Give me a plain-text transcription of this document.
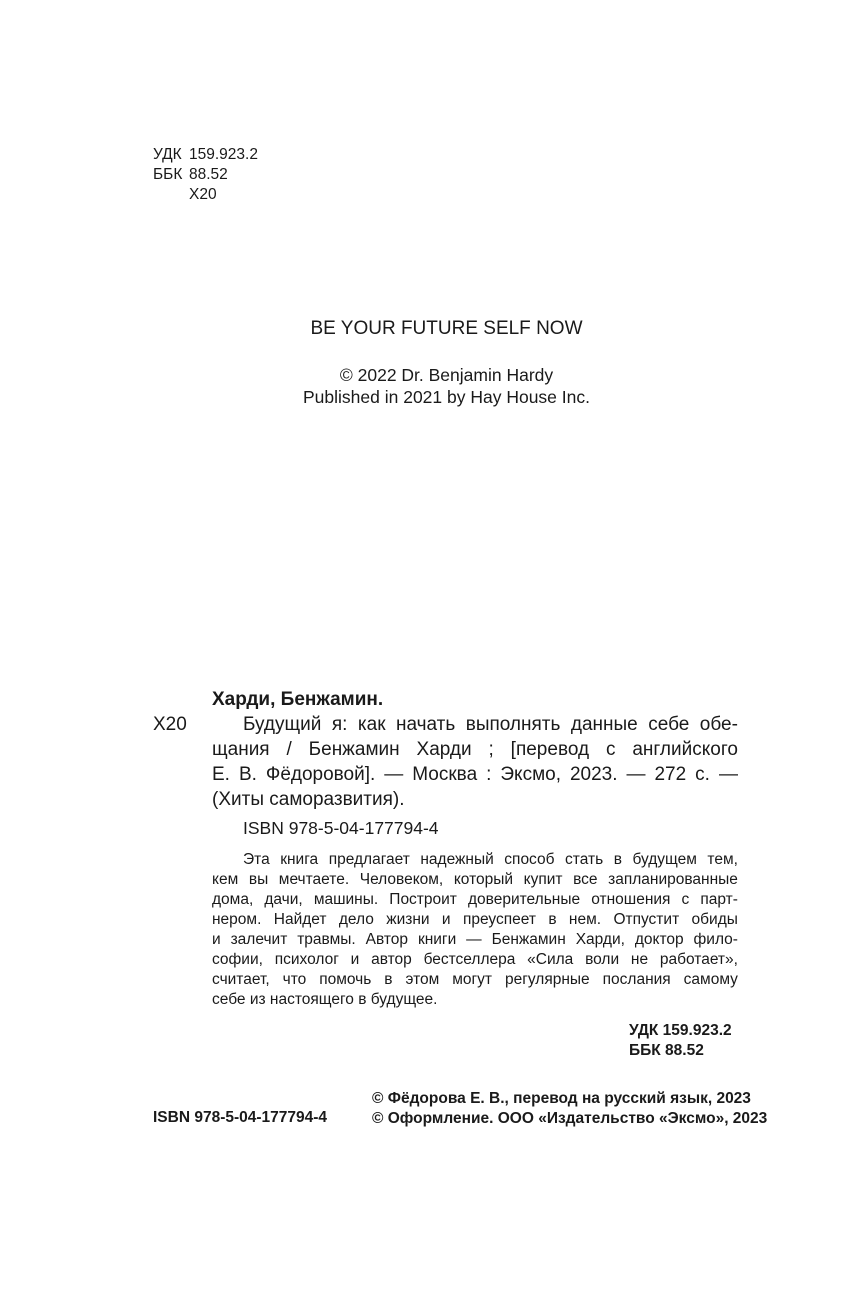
УДК 159.923.2
ББК 88.52
Х20
BE YOUR FUTURE SELF NOW
© 2022 Dr. Benjamin Hardy
Published in 2021 by Hay House Inc.
Харди, Бенжамин.
Х20	Будущий я: как начать выполнять данные себе обе-
щания / Бенжамин Харди ; [перевод с английского
Е. В. Фёдоровой]. — Москва : Эксмо, 2023. — 272 с. —
(Хиты саморазвития).
ISBN 978-5-04-177794-4
Эта книга предлагает надежный способ стать в будущем тем,
кем вы мечтаете. Человеком, который купит все запланированные
дома, дачи, машины. Построит доверительные отношения с парт-
нером. Найдет дело жизни и преуспеет в нем. Отпустит обиды
и залечит травмы. Автор книги — Бенжамин Харди, доктор фило-
софии, психолог и автор бестселлера «Сила воли не работает»,
считает, что помочь в этом могут регулярные послания самому
себе из настоящего в будущее.
УДК 159.923.2
ББК 88.52
ISBN 978-5-04-177794-4
© Фёдорова Е. В., перевод на русский язык, 2023
© Оформление. ООО «Издательство «Эксмо», 2023
